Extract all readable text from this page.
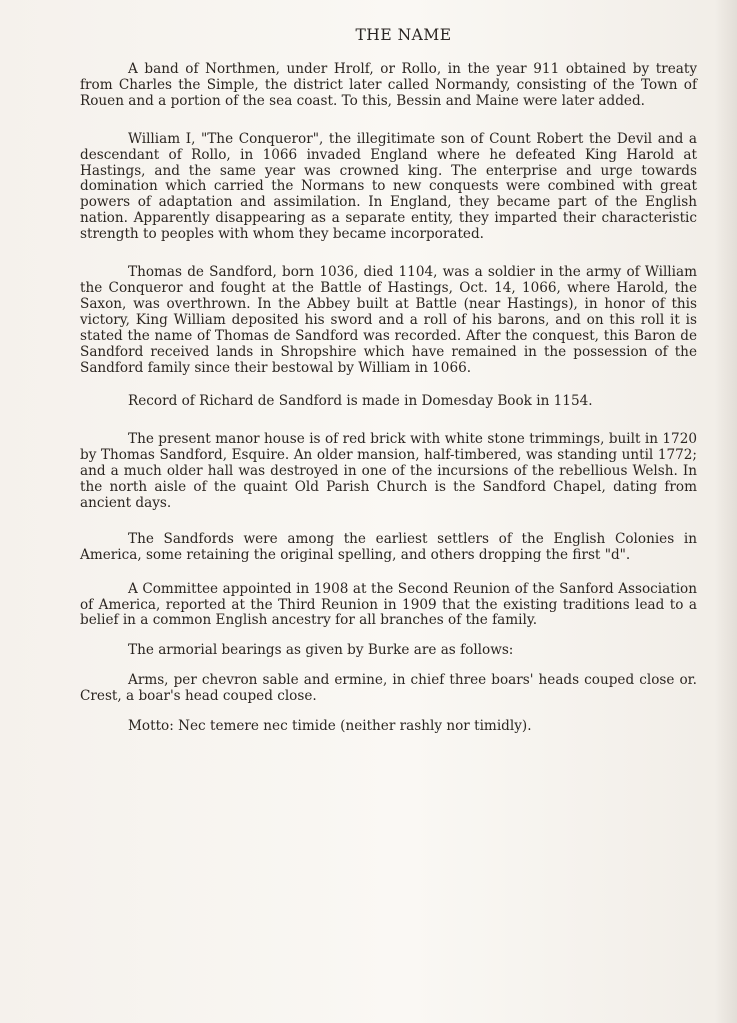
THE NAME

A band of Northmen, under Hrolf, or Rollo, in the year 911 obtained by treaty from Charles the Simple, the district later called Normandy, consisting of the Town of Rouen and a portion of the sea coast. To this, Bessin and Maine were later added.

William I, "The Conqueror", the illegitimate son of Count Robert the Devil and a descendant of Rollo, in 1066 invaded England where he defeated King Harold at Hastings, and the same year was crowned king. The enterprise and urge towards domination which carried the Normans to new conquests were combined with great powers of adaptation and assimilation. In England, they became part of the English nation. Apparently disappearing as a separate entity, they imparted their characteristic strength to peoples with whom they became incorporated.

Thomas de Sandford, born 1036, died 1104, was a soldier in the army of William the Conqueror and fought at the Battle of Hastings, Oct. 14, 1066, where Harold, the Saxon, was overthrown. In the Abbey built at Battle (near Hastings), in honor of this victory, King William deposited his sword and a roll of his barons, and on this roll it is stated the name of Thomas de Sandford was recorded. After the conquest, this Baron de Sandford received lands in Shropshire which have remained in the possession of the Sandford family since their bestowal by William in 1066.

Record of Richard de Sandford is made in Domesday Book in 1154.

The present manor house is of red brick with white stone trimmings, built in 1720 by Thomas Sandford, Esquire. An older mansion, half-timbered, was standing until 1772; and a much older hall was destroyed in one of the incursions of the rebellious Welsh. In the north aisle of the quaint Old Parish Church is the Sandford Chapel, dating from ancient days.

The Sandfords were among the earliest settlers of the English Colonies in America, some retaining the original spelling, and others dropping the first "d".

A Committee appointed in 1908 at the Second Reunion of the Sanford Association of America, reported at the Third Reunion in 1909 that the existing traditions lead to a belief in a common English ancestry for all branches of the family.

The armorial bearings as given by Burke are as follows:

Arms, per chevron sable and ermine, in chief three boars' heads couped close or. Crest, a boar's head couped close.

Motto: Nec temere nec timide (neither rashly nor timidly).
